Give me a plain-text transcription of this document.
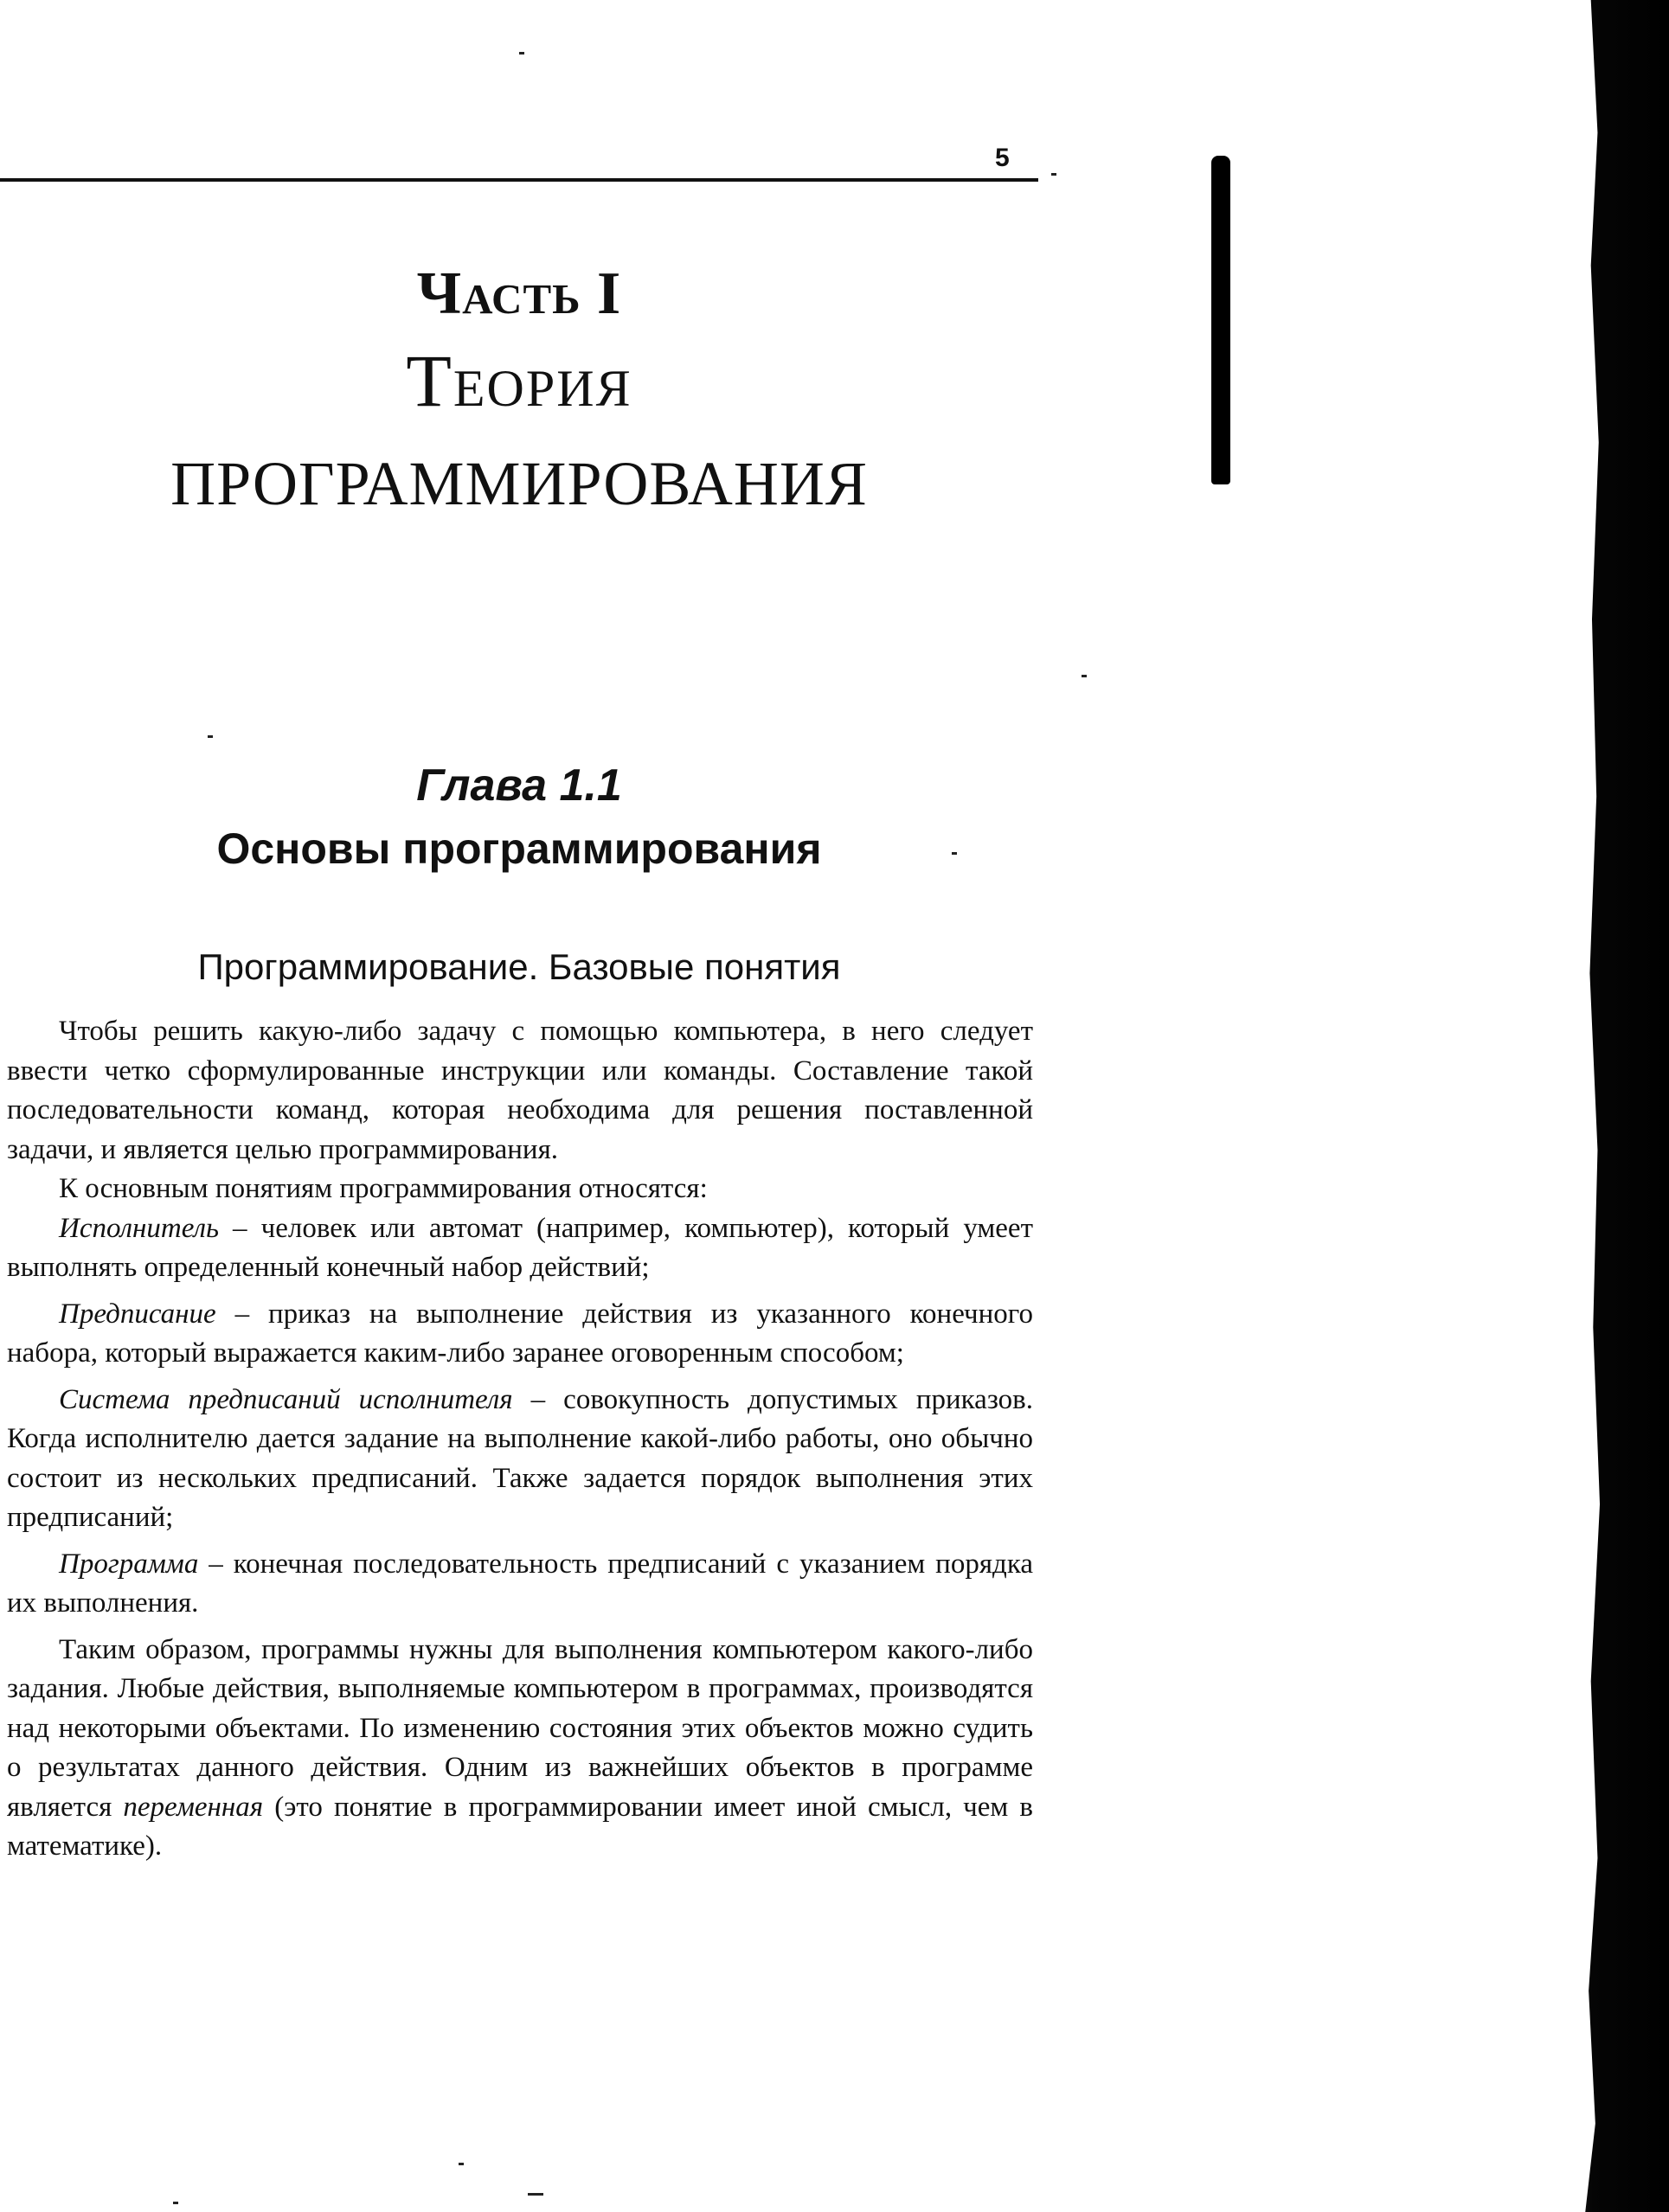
5
Часть I
Теория
ПРОГРАММИРОВАНИЯ
Глава 1.1
Основы программирования
Программирование. Базовые понятия

Чтобы решить какую-либо задачу с помощью компьютера, в него следует ввести четко сформулированные инструкции или команды. Составление такой последовательности команд, которая необходима для решения поставленной задачи, и является целью программирования.

К основным понятиям программирования относятся:

Исполнитель – человек или автомат (например, компьютер), который умеет выполнять определенный конечный набор действий;

Предписание – приказ на выполнение действия из указанного конечного набора, который выражается каким-либо заранее оговоренным способом;

Система предписаний исполнителя – совокупность допустимых приказов. Когда исполнителю дается задание на выполнение какой-либо работы, оно обычно состоит из нескольких предписаний. Также задается порядок выполнения этих предписаний;

Программа – конечная последовательность предписаний с указанием порядка их выполнения.

Таким образом, программы нужны для выполнения компьютером какого-либо задания. Любые действия, выполняемые компьютером в программах, производятся над некоторыми объектами. По изменению состояния этих объектов можно судить о результатах данного действия. Одним из важнейших объектов в программе является переменная (это понятие в программировании имеет иной смысл, чем в математике).
